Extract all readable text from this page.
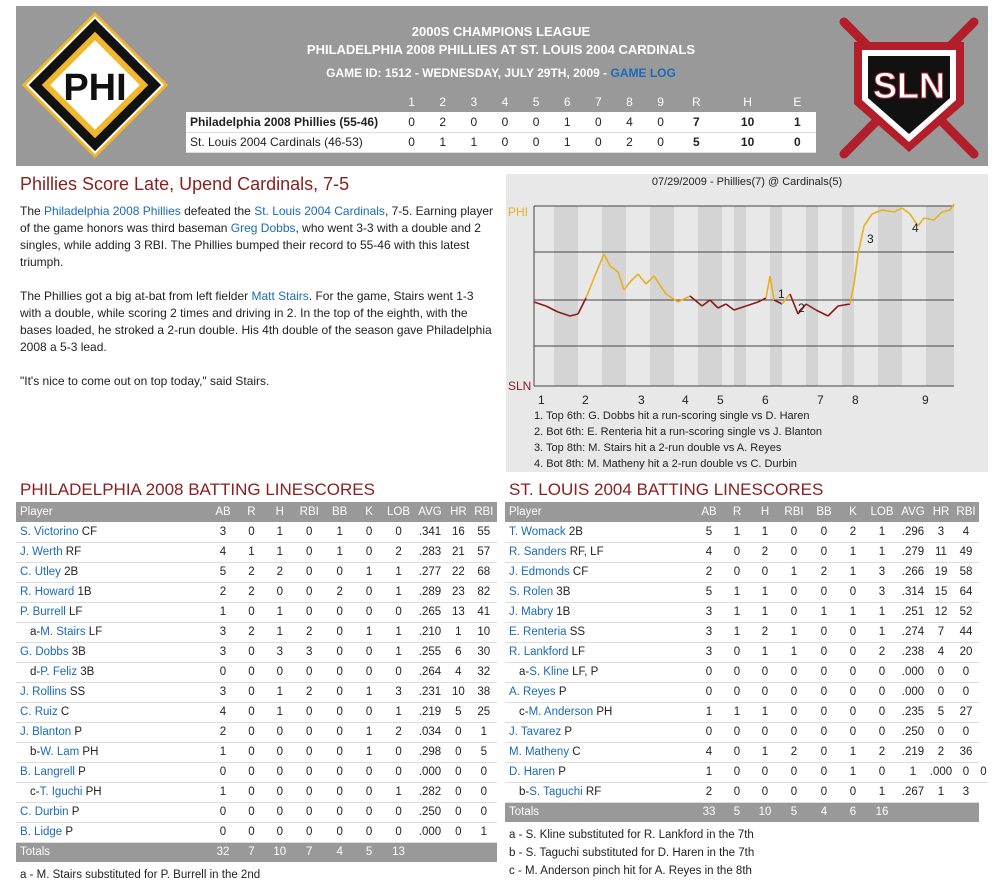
PHI
2000S CHAMPIONS LEAGUE
PHILADELPHIA 2008 PHILLIES AT ST. LOUIS 2004 CARDINALS
GAME ID: 1512 - WEDNESDAY, JULY 29TH, 2009 - GAME LOG
	1	2	3	4	5	6	7	8	9	R	H	E
Philadelphia 2008 Phillies (55-46)	0	2	0	0	0	1	0	4	0	7	10	1
St. Louis 2004 Cardinals (46-53)	0	1	1	0	0	1	0	2	0	5	10	0
SLN
Phillies Score Late, Upend Cardinals, 7-5

The Philadelphia 2008 Phillies defeated the St. Louis 2004 Cardinals, 7-5. Earning player of the game honors was third baseman Greg Dobbs, who went 3-3 with a double and 2 singles, while adding 3 RBI. The Phillies bumped their record to 55-46 with this latest triumph.

The Phillies got a big at-bat from left fielder Matt Stairs. For the game, Stairs went 1-3 with a double, while scoring 2 times and driving in 2. In the top of the eighth, with the bases loaded, he stroked a 2-run double. His 4th double of the season gave Philadelphia 2008 a 5-3 lead.

"It's nice to come out on top today," said Stairs.

07/29/2009 - Phillies(7) @ Cardinals(5)
PHI
SLN
1	2	3	4 5	6	7 8	9
1
2
3
4
1. Top 6th: G. Dobbs hit a run-scoring single vs D. Haren
2. Bot 6th: E. Renteria hit a run-scoring single vs J. Blanton
3. Top 8th: M. Stairs hit a 2-run double vs A. Reyes
4. Bot 8th: M. Matheny hit a 2-run double vs C. Durbin
PHILADELPHIA 2008 BATTING LINESCORES
Player	AB	R	H	RBI	BB	K	LOB	AVG	HR	RBI
S. Victorino CF	3	0	1	0	1	0	0	.341	16	55
J. Werth RF	4	1	1	0	1	0	2	.283	21	57
C. Utley 2B	5	2	2	0	0	1	1	.277	22	68
R. Howard 1B	2	2	0	0	2	0	1	.289	23	82
P. Burrell LF	1	0	1	0	0	0	0	.265	13	41
a-M. Stairs LF	3	2	1	2	0	1	1	.210	1	10
G. Dobbs 3B	3	0	3	3	0	0	1	.255	6	30
d-P. Feliz 3B	0	0	0	0	0	0	0	.264	4	32
J. Rollins SS	3	0	1	2	0	1	3	.231	10	38
C. Ruiz C	4	0	1	0	0	0	1	.219	5	25
J. Blanton P	2	0	0	0	0	1	2	.034	0	1
b-W. Lam PH	1	0	0	0	0	1	0	.298	0	5
B. Langrell P	0	0	0	0	0	0	0	.000	0	0
c-T. Iguchi PH	1	0	0	0	0	0	1	.282	0	0
C. Durbin P	0	0	0	0	0	0	0	.250	0	0
B. Lidge P	0	0	0	0	0	0	0	.000	0	1
Totals	32	7	10	7	4	5	13			
a - M. Stairs substituted for P. Burrell in the 2nd
ST. LOUIS 2004 BATTING LINESCORES
Player	AB	R	H	RBI	BB	K	LOB	AVG	HR	RBI	
T. Womack 2B	5	1	1	0	0	2	1	.296	3	4	
R. Sanders RF, LF	4	0	2	0	0	1	1	.279	11	49	
J. Edmonds CF	2	0	0	1	2	1	3	.266	19	58	
S. Rolen 3B	5	1	1	0	0	0	3	.314	15	64	
J. Mabry 1B	3	1	1	0	1	1	1	.251	12	52	
E. Renteria SS	3	1	2	1	0	0	1	.274	7	44	
R. Lankford LF	3	0	1	1	0	0	2	.238	4	20	
a-S. Kline LF, P	0	0	0	0	0	0	0	.000	0	0	
A. Reyes P	0	0	0	0	0	0	0	.000	0	0	
c-M. Anderson PH	1	1	1	0	0	0	0	.235	5	27	
J. Tavarez P	0	0	0	0	0	0	0	.250	0	0	
M. Matheny C	4	0	1	2	0	1	2	.219	2	36	
D. Haren P	1	0	0	0	0	1	0	1	.000	0	0
b-S. Taguchi RF	2	0	0	0	0	0	1	.267	1	3	
Totals	33	5	10	5	4	6	16				
a - S. Kline substituted for R. Lankford in the 7th
b - S. Taguchi substituted for D. Haren in the 7th
c - M. Anderson pinch hit for A. Reyes in the 8th
